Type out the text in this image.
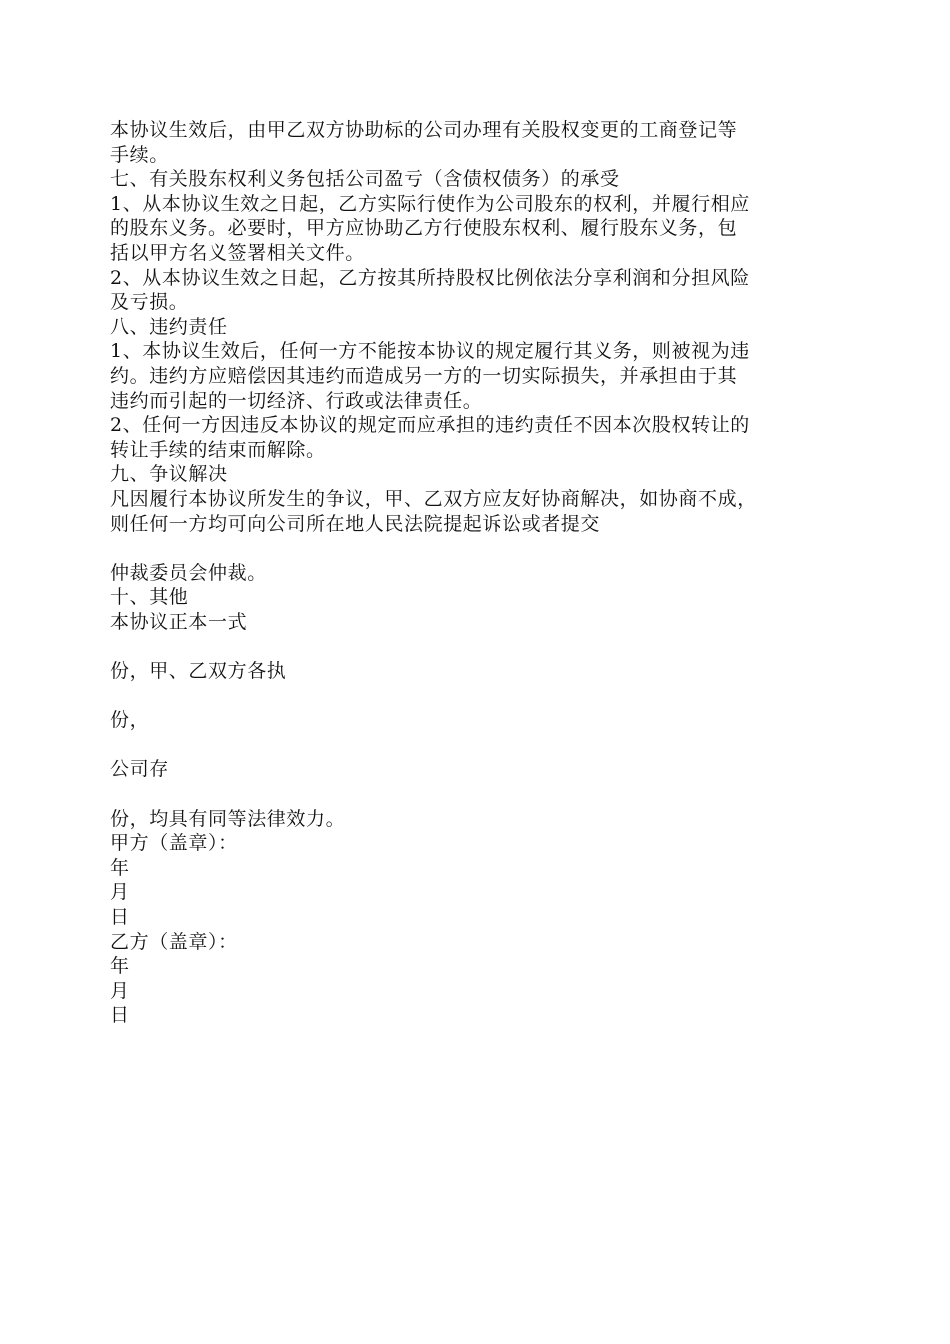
本协议生效后，由甲乙双方协助标的公司办理有关股权变更的工商登记等
手续。
七、有关股东权利义务包括公司盈亏（含债权债务）的承受
1、从本协议生效之日起，乙方实际行使作为公司股东的权利，并履行相应
的股东义务。必要时，甲方应协助乙方行使股东权利、履行股东义务，包
括以甲方名义签署相关文件。
2、从本协议生效之日起，乙方按其所持股权比例依法分享利润和分担风险
及亏损。
八、违约责任
1、本协议生效后，任何一方不能按本协议的规定履行其义务，则被视为违
约。违约方应赔偿因其违约而造成另一方的一切实际损失，并承担由于其
违约而引起的一切经济、行政或法律责任。
2、任何一方因违反本协议的规定而应承担的违约责任不因本次股权转让的
转让手续的结束而解除。
九、争议解决
凡因履行本协议所发生的争议，甲、乙双方应友好协商解决，如协商不成，
则任何一方均可向公司所在地人民法院提起诉讼或者提交
仲裁委员会仲裁。
十、其他
本协议正本一式
份，甲、乙双方各执
份，
公司存
份，均具有同等法律效力。
甲方（盖章）：
年
月
日
乙方（盖章）：
年
月
日
